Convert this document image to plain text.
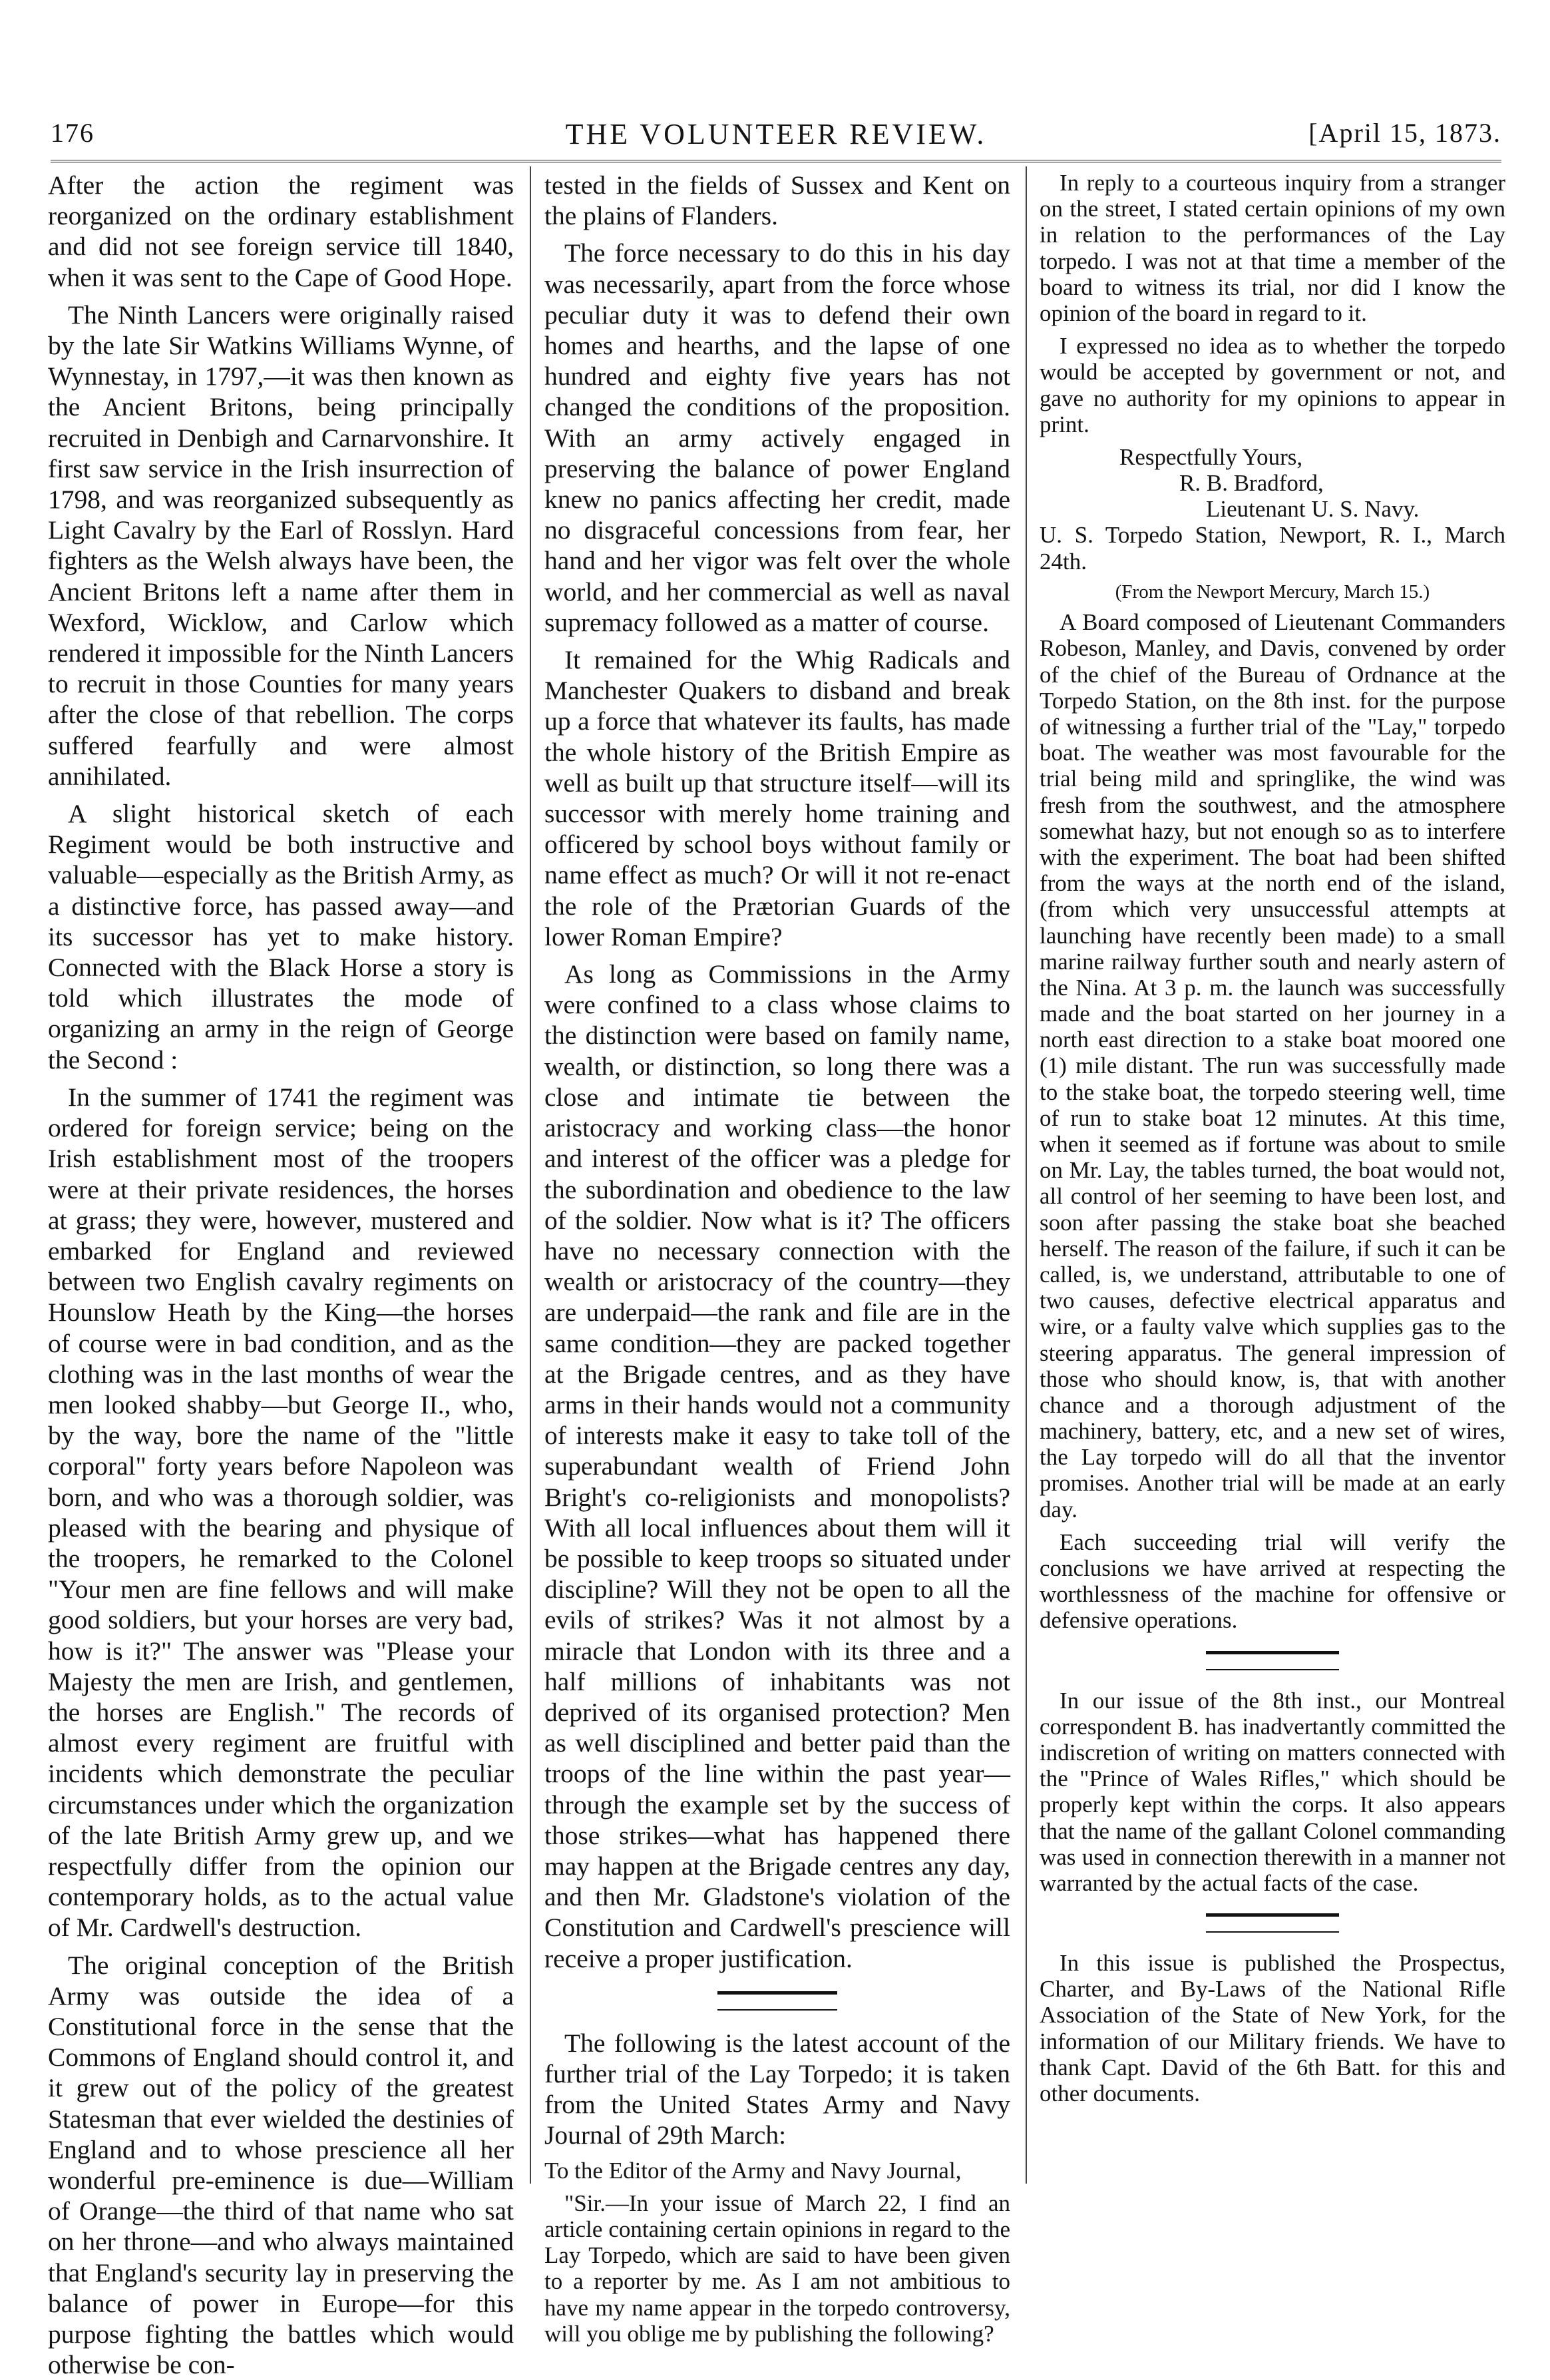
176	THE VOLUNTEER REVIEW.	[April 15, 1873.

After the action the regiment was reorganized on the ordinary establishment and did not see foreign service till 1840, when it was sent to the Cape of Good Hope.

The Ninth Lancers were originally raised by the late Sir Watkins Williams Wynne, of Wynnestay, in 1797,—it was then known as the Ancient Britons, being principally recruited in Denbigh and Carnarvonshire. It first saw service in the Irish insurrection of 1798, and was reorganized subsequently as Light Cavalry by the Earl of Rosslyn. Hard fighters as the Welsh always have been, the Ancient Britons left a name after them in Wexford, Wicklow, and Carlow which rendered it impossible for the Ninth Lancers to recruit in those Counties for many years after the close of that rebellion. The corps suffered fearfully and were almost annihilated.

A slight historical sketch of each Regiment would be both instructive and valuable—especially as the British Army, as a distinctive force, has passed away—and its successor has yet to make history. Connected with the Black Horse a story is told which illustrates the mode of organizing an army in the reign of George the Second :

In the summer of 1741 the regiment was ordered for foreign service; being on the Irish establishment most of the troopers were at their private residences, the horses at grass; they were, however, mustered and embarked for England and reviewed between two English cavalry regiments on Hounslow Heath by the King—the horses of course were in bad condition, and as the clothing was in the last months of wear the men looked shabby—but George II., who, by the way, bore the name of the "little corporal" forty years before Napoleon was born, and who was a thorough soldier, was pleased with the bearing and physique of the troopers, he remarked to the Colonel "Your men are fine fellows and will make good soldiers, but your horses are very bad, how is it?" The answer was "Please your Majesty the men are Irish, and gentlemen, the horses are English." The records of almost every regiment are fruitful with incidents which demonstrate the peculiar circumstances under which the organization of the late British Army grew up, and we respectfully differ from the opinion our contemporary holds, as to the actual value of Mr. Cardwell's destruction.

The original conception of the British Army was outside the idea of a Constitutional force in the sense that the Commons of England should control it, and it grew out of the policy of the greatest Statesman that ever wielded the destinies of England and to whose prescience all her wonderful pre-eminence is due—William of Orange—the third of that name who sat on her throne—and who always maintained that England's security lay in preserving the balance of power in Europe—for this purpose fighting the battles which would otherwise be con-

tested in the fields of Sussex and Kent on the plains of Flanders.

The force necessary to do this in his day was necessarily, apart from the force whose peculiar duty it was to defend their own homes and hearths, and the lapse of one hundred and eighty five years has not changed the conditions of the proposition. With an army actively engaged in preserving the balance of power England knew no panics affecting her credit, made no disgraceful concessions from fear, her hand and her vigor was felt over the whole world, and her commercial as well as naval supremacy followed as a matter of course.

It remained for the Whig Radicals and Manchester Quakers to disband and break up a force that whatever its faults, has made the whole history of the British Empire as well as built up that structure itself—will its successor with merely home training and officered by school boys without family or name effect as much? Or will it not re-enact the role of the Prætorian Guards of the lower Roman Empire?

As long as Commissions in the Army were confined to a class whose claims to the distinction were based on family name, wealth, or distinction, so long there was a close and intimate tie between the aristocracy and working class—the honor and interest of the officer was a pledge for the subordination and obedience to the law of the soldier. Now what is it? The officers have no necessary connection with the wealth or aristocracy of the country—they are underpaid—the rank and file are in the same condition—they are packed together at the Brigade centres, and as they have arms in their hands would not a community of interests make it easy to take toll of the superabundant wealth of Friend John Bright's co-religionists and monopolists? With all local influences about them will it be possible to keep troops so situated under discipline? Will they not be open to all the evils of strikes? Was it not almost by a miracle that London with its three and a half millions of inhabitants was not deprived of its organised protection? Men as well disciplined and better paid than the troops of the line within the past year—through the example set by the success of those strikes—what has happened there may happen at the Brigade centres any day, and then Mr. Gladstone's violation of the Constitution and Cardwell's prescience will receive a proper justification.

The following is the latest account of the further trial of the Lay Torpedo; it is taken from the United States Army and Navy Journal of 29th March:

To the Editor of the Army and Navy Journal,

"Sir.—In your issue of March 22, I find an article containing certain opinions in regard to the Lay Torpedo, which are said to have been given to a reporter by me. As I am not ambitious to have my name appear in the torpedo controversy, will you oblige me by publishing the following?

In reply to a courteous inquiry from a stranger on the street, I stated certain opinions of my own in relation to the performances of the Lay torpedo. I was not at that time a member of the board to witness its trial, nor did I know the opinion of the board in regard to it.

I expressed no idea as to whether the torpedo would be accepted by government or not, and gave no authority for my opinions to appear in print.

Respectfully Yours,

R. B. Bradford,

Lieutenant U. S. Navy.

U. S. Torpedo Station, Newport, R. I., March 24th.

(From the Newport Mercury, March 15.)

A Board composed of Lieutenant Commanders Robeson, Manley, and Davis, convened by order of the chief of the Bureau of Ordnance at the Torpedo Station, on the 8th inst. for the purpose of witnessing a further trial of the "Lay," torpedo boat. The weather was most favourable for the trial being mild and springlike, the wind was fresh from the southwest, and the atmosphere somewhat hazy, but not enough so as to interfere with the experiment. The boat had been shifted from the ways at the north end of the island, (from which very unsuccessful attempts at launching have recently been made) to a small marine railway further south and nearly astern of the Nina. At 3 p. m. the launch was successfully made and the boat started on her journey in a north east direction to a stake boat moored one (1) mile distant. The run was successfully made to the stake boat, the torpedo steering well, time of run to stake boat 12 minutes. At this time, when it seemed as if fortune was about to smile on Mr. Lay, the tables turned, the boat would not, all control of her seeming to have been lost, and soon after passing the stake boat she beached herself. The reason of the failure, if such it can be called, is, we understand, attributable to one of two causes, defective electrical apparatus and wire, or a faulty valve which supplies gas to the steering apparatus. The general impression of those who should know, is, that with another chance and a thorough adjustment of the machinery, battery, etc, and a new set of wires, the Lay torpedo will do all that the inventor promises. Another trial will be made at an early day.

Each succeeding trial will verify the conclusions we have arrived at respecting the worthlessness of the machine for offensive or defensive operations.

In our issue of the 8th inst., our Montreal correspondent B. has inadvertantly committed the indiscretion of writing on matters connected with the "Prince of Wales Rifles," which should be properly kept within the corps. It also appears that the name of the gallant Colonel commanding was used in connection therewith in a manner not warranted by the actual facts of the case.

In this issue is published the Prospectus, Charter, and By-Laws of the National Rifle Association of the State of New York, for the information of our Military friends. We have to thank Capt. David of the 6th Batt. for this and other documents.
